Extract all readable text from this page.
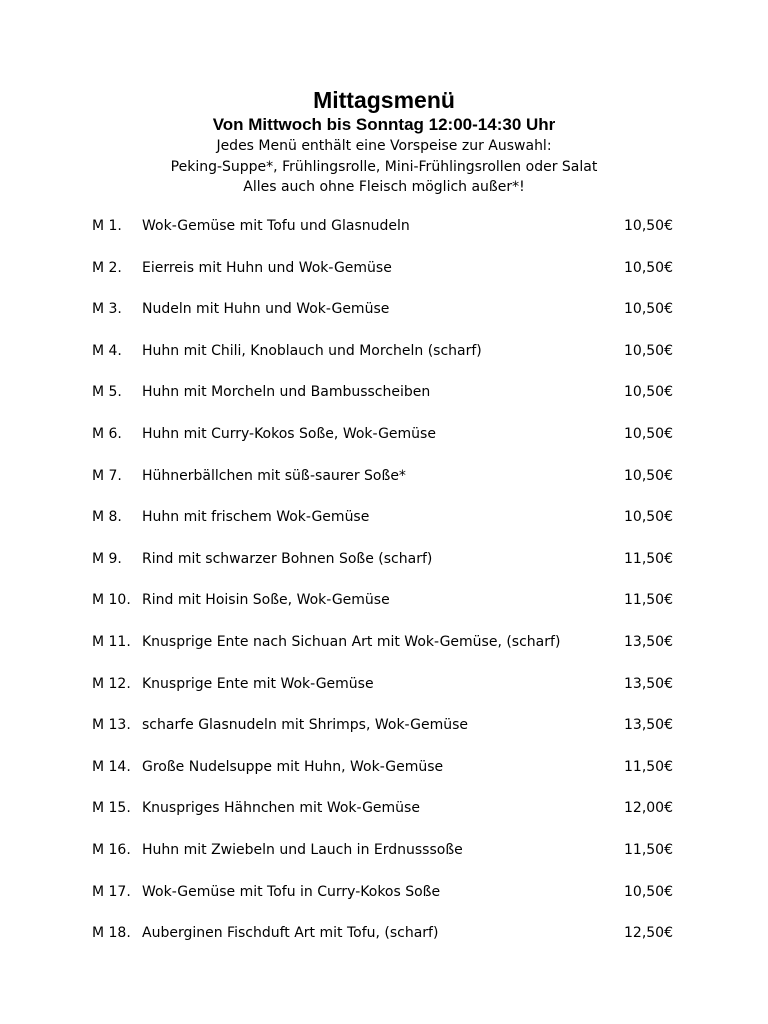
Mittagsmenü

Von Mittwoch bis Sonntag 12:00-14:30 Uhr

Jedes Menü enthält eine Vorspeise zur Auswahl:

Peking-Suppe*, Frühlingsrolle, Mini-Frühlingsrollen oder Salat

Alles auch ohne Fleisch möglich außer*!

M 1. Wok-Gemüse mit Tofu und Glasnudeln	10,50€
M 2. Eierreis mit Huhn und Wok-Gemüse	10,50€
M 3. Nudeln mit Huhn und Wok-Gemüse	10,50€
M 4. Huhn mit Chili, Knoblauch und Morcheln (scharf)	10,50€
M 5. Huhn mit Morcheln und Bambusscheiben	10,50€
M 6. Huhn mit Curry-Kokos Soße, Wok-Gemüse	10,50€
M 7. Hühnerbällchen mit süß-saurer Soße*	10,50€
M 8. Huhn mit frischem Wok-Gemüse	10,50€
M 9. Rind mit schwarzer Bohnen Soße (scharf)	11,50€
M 10. Rind mit Hoisin Soße, Wok-Gemüse	11,50€
M 11. Knusprige Ente nach Sichuan Art mit Wok-Gemüse, (scharf)	13,50€
M 12. Knusprige Ente mit Wok-Gemüse	13,50€
M 13. scharfe Glasnudeln mit Shrimps, Wok-Gemüse	13,50€
M 14. Große Nudelsuppe mit Huhn, Wok-Gemüse	11,50€
M 15. Knuspriges Hähnchen mit Wok-Gemüse	12,00€
M 16. Huhn mit Zwiebeln und Lauch in Erdnusssoße	11,50€
M 17. Wok-Gemüse mit Tofu in Curry-Kokos Soße	10,50€
M 18. Auberginen Fischduft Art mit Tofu, (scharf)	12,50€
